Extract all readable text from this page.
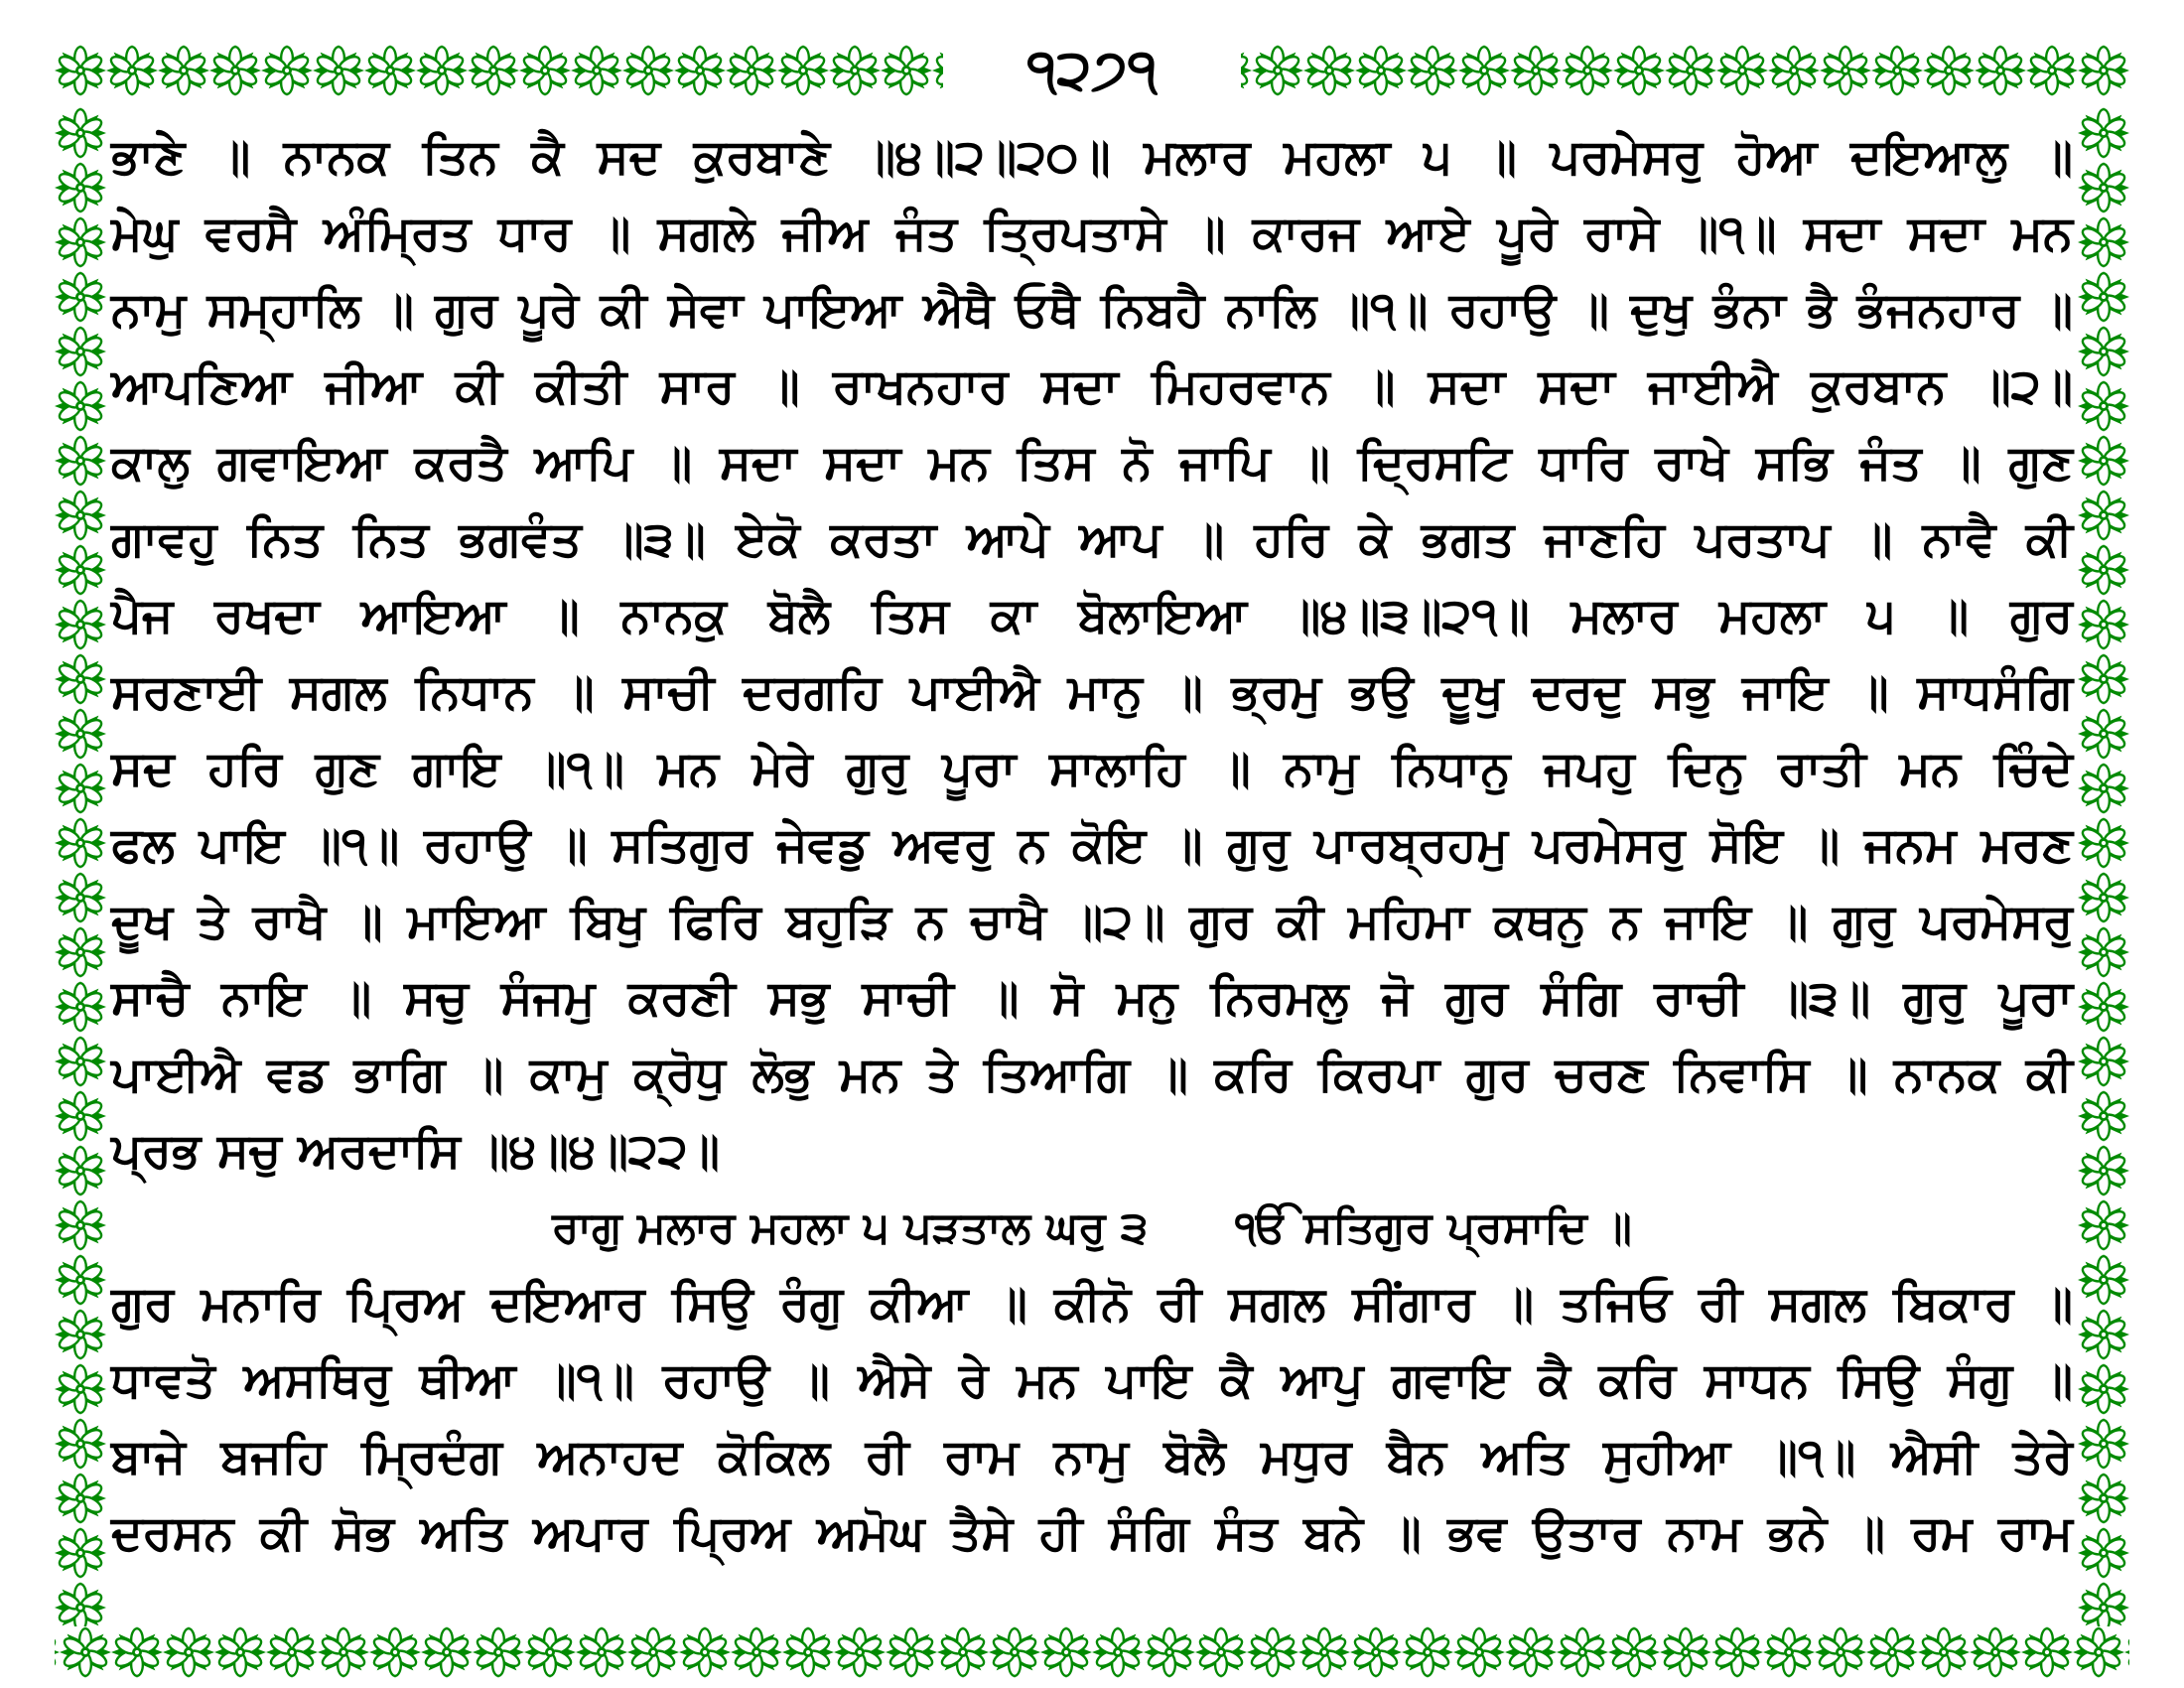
੧੨੭੧
ਭਾਣੇ ॥ ਨਾਨਕ ਤਿਨ ਕੈ ਸਦ ਕੁਰਬਾਣੇ ॥੪॥੨॥੨੦॥ ਮਲਾਰ ਮਹਲਾ ੫ ॥ ਪਰਮੇਸਰੁ ਹੋਆ ਦਇਆਲੁ ॥
ਮੇਘੁ ਵਰਸੈ ਅੰਮ੍ਰਿਤ ਧਾਰ ॥ ਸਗਲੇ ਜੀਅ ਜੰਤ ਤ੍ਰਿਪਤਾਸੇ ॥ ਕਾਰਜ ਆਏ ਪੂਰੇ ਰਾਸੇ ॥੧॥ ਸਦਾ ਸਦਾ ਮਨ
ਨਾਮੁ ਸਮ੍ਹਾਲਿ ॥ ਗੁਰ ਪੂਰੇ ਕੀ ਸੇਵਾ ਪਾਇਆ ਐਥੈ ਓਥੈ ਨਿਬਹੈ ਨਾਲਿ ॥੧॥ ਰਹਾਉ ॥ ਦੁਖੁ ਭੰਨਾ ਭੈ ਭੰਜਨਹਾਰ ॥
ਆਪਣਿਆ ਜੀਆ ਕੀ ਕੀਤੀ ਸਾਰ ॥ ਰਾਖਨਹਾਰ ਸਦਾ ਮਿਹਰਵਾਨ ॥ ਸਦਾ ਸਦਾ ਜਾਈਐ ਕੁਰਬਾਨ ॥੨॥
ਕਾਲੁ ਗਵਾਇਆ ਕਰਤੈ ਆਪਿ ॥ ਸਦਾ ਸਦਾ ਮਨ ਤਿਸ ਨੋ ਜਾਪਿ ॥ ਦ੍ਰਿਸਟਿ ਧਾਰਿ ਰਾਖੇ ਸਭਿ ਜੰਤ ॥ ਗੁਣ
ਗਾਵਹੁ ਨਿਤ ਨਿਤ ਭਗਵੰਤ ॥੩॥ ਏਕੋ ਕਰਤਾ ਆਪੇ ਆਪ ॥ ਹਰਿ ਕੇ ਭਗਤ ਜਾਣਹਿ ਪਰਤਾਪ ॥ ਨਾਵੈ ਕੀ
ਪੈਜ ਰਖਦਾ ਆਇਆ ॥ ਨਾਨਕੁ ਬੋਲੈ ਤਿਸ ਕਾ ਬੋਲਾਇਆ ॥੪॥੩॥੨੧॥ ਮਲਾਰ ਮਹਲਾ ੫ ॥ ਗੁਰ
ਸਰਣਾਈ ਸਗਲ ਨਿਧਾਨ ॥ ਸਾਚੀ ਦਰਗਹਿ ਪਾਈਐ ਮਾਨੁ ॥ ਭ੍ਰਮੁ ਭਉ ਦੂਖੁ ਦਰਦੁ ਸਭੁ ਜਾਇ ॥ ਸਾਧਸੰਗਿ
ਸਦ ਹਰਿ ਗੁਣ ਗਾਇ ॥੧॥ ਮਨ ਮੇਰੇ ਗੁਰੁ ਪੂਰਾ ਸਾਲਾਹਿ ॥ ਨਾਮੁ ਨਿਧਾਨੁ ਜਪਹੁ ਦਿਨੁ ਰਾਤੀ ਮਨ ਚਿੰਦੇ
ਫਲ ਪਾਇ ॥੧॥ ਰਹਾਉ ॥ ਸਤਿਗੁਰ ਜੇਵਡੁ ਅਵਰੁ ਨ ਕੋਇ ॥ ਗੁਰੁ ਪਾਰਬ੍ਰਹਮੁ ਪਰਮੇਸਰੁ ਸੋਇ ॥ ਜਨਮ ਮਰਣ
ਦੂਖ ਤੇ ਰਾਖੈ ॥ ਮਾਇਆ ਬਿਖੁ ਫਿਰਿ ਬਹੁੜਿ ਨ ਚਾਖੈ ॥੨॥ ਗੁਰ ਕੀ ਮਹਿਮਾ ਕਥਨੁ ਨ ਜਾਇ ॥ ਗੁਰੁ ਪਰਮੇਸਰੁ
ਸਾਚੈ ਨਾਇ ॥ ਸਚੁ ਸੰਜਮੁ ਕਰਣੀ ਸਭੁ ਸਾਚੀ ॥ ਸੋ ਮਨੁ ਨਿਰਮਲੁ ਜੋ ਗੁਰ ਸੰਗਿ ਰਾਚੀ ॥੩॥ ਗੁਰੁ ਪੂਰਾ
ਪਾਈਐ ਵਡ ਭਾਗਿ ॥ ਕਾਮੁ ਕ੍ਰੋਧੁ ਲੋਭੁ ਮਨ ਤੇ ਤਿਆਗਿ ॥ ਕਰਿ ਕਿਰਪਾ ਗੁਰ ਚਰਣ ਨਿਵਾਸਿ ॥ ਨਾਨਕ ਕੀ
ਪ੍ਰਭ ਸਚੁ ਅਰਦਾਸਿ ॥੪॥੪॥੨੨॥
ਰਾਗੁ ਮਲਾਰ ਮਹਲਾ ੫ ਪੜਤਾਲ ਘਰੁ ੩  ੴ ਸਤਿਗੁਰ ਪ੍ਰਸਾਦਿ ॥
ਗੁਰ ਮਨਾਰਿ ਪ੍ਰਿਅ ਦਇਆਰ ਸਿਉ ਰੰਗੁ ਕੀਆ ॥ ਕੀਨੋ ਰੀ ਸਗਲ ਸੀਂਗਾਰ ॥ ਤਜਿਓ ਰੀ ਸਗਲ ਬਿਕਾਰ ॥
ਧਾਵਤੋ ਅਸਥਿਰੁ ਥੀਆ ॥੧॥ ਰਹਾਉ ॥ ਐਸੇ ਰੇ ਮਨ ਪਾਇ ਕੈ ਆਪੁ ਗਵਾਇ ਕੈ ਕਰਿ ਸਾਧਨ ਸਿਉ ਸੰਗੁ ॥
ਬਾਜੇ ਬਜਹਿ ਮ੍ਰਿਦੰਗ ਅਨਾਹਦ ਕੋਕਿਲ ਰੀ ਰਾਮ ਨਾਮੁ ਬੋਲੈ ਮਧੁਰ ਬੈਨ ਅਤਿ ਸੁਹੀਆ ॥੧॥ ਐਸੀ ਤੇਰੇ
ਦਰਸਨ ਕੀ ਸੋਭ ਅਤਿ ਅਪਾਰ ਪ੍ਰਿਅ ਅਮੋਘ ਤੈਸੇ ਹੀ ਸੰਗਿ ਸੰਤ ਬਨੇ ॥ ਭਵ ਉਤਾਰ ਨਾਮ ਭਨੇ ॥ ਰਮ ਰਾਮ
